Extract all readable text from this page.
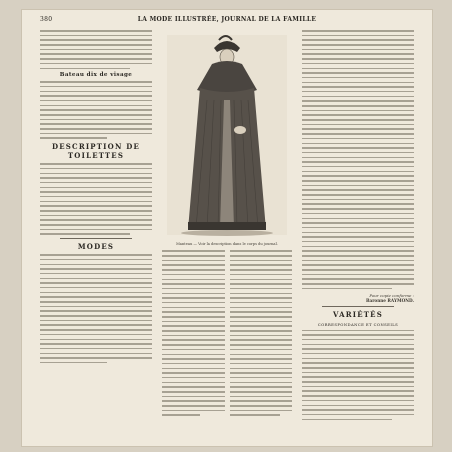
380	LA MODE ILLUSTRÉE, JOURNAL DE LA FAMILLE
Bateau dix de visage
DESCRIPTION DE TOILETTES
MODES	Manteau — Voir la description dans le corps du journal.
Pour copie conforme :
Baronne RAYMOND.
VARIÉTÉS
CORRESPONDANCE ET CONSEILS
